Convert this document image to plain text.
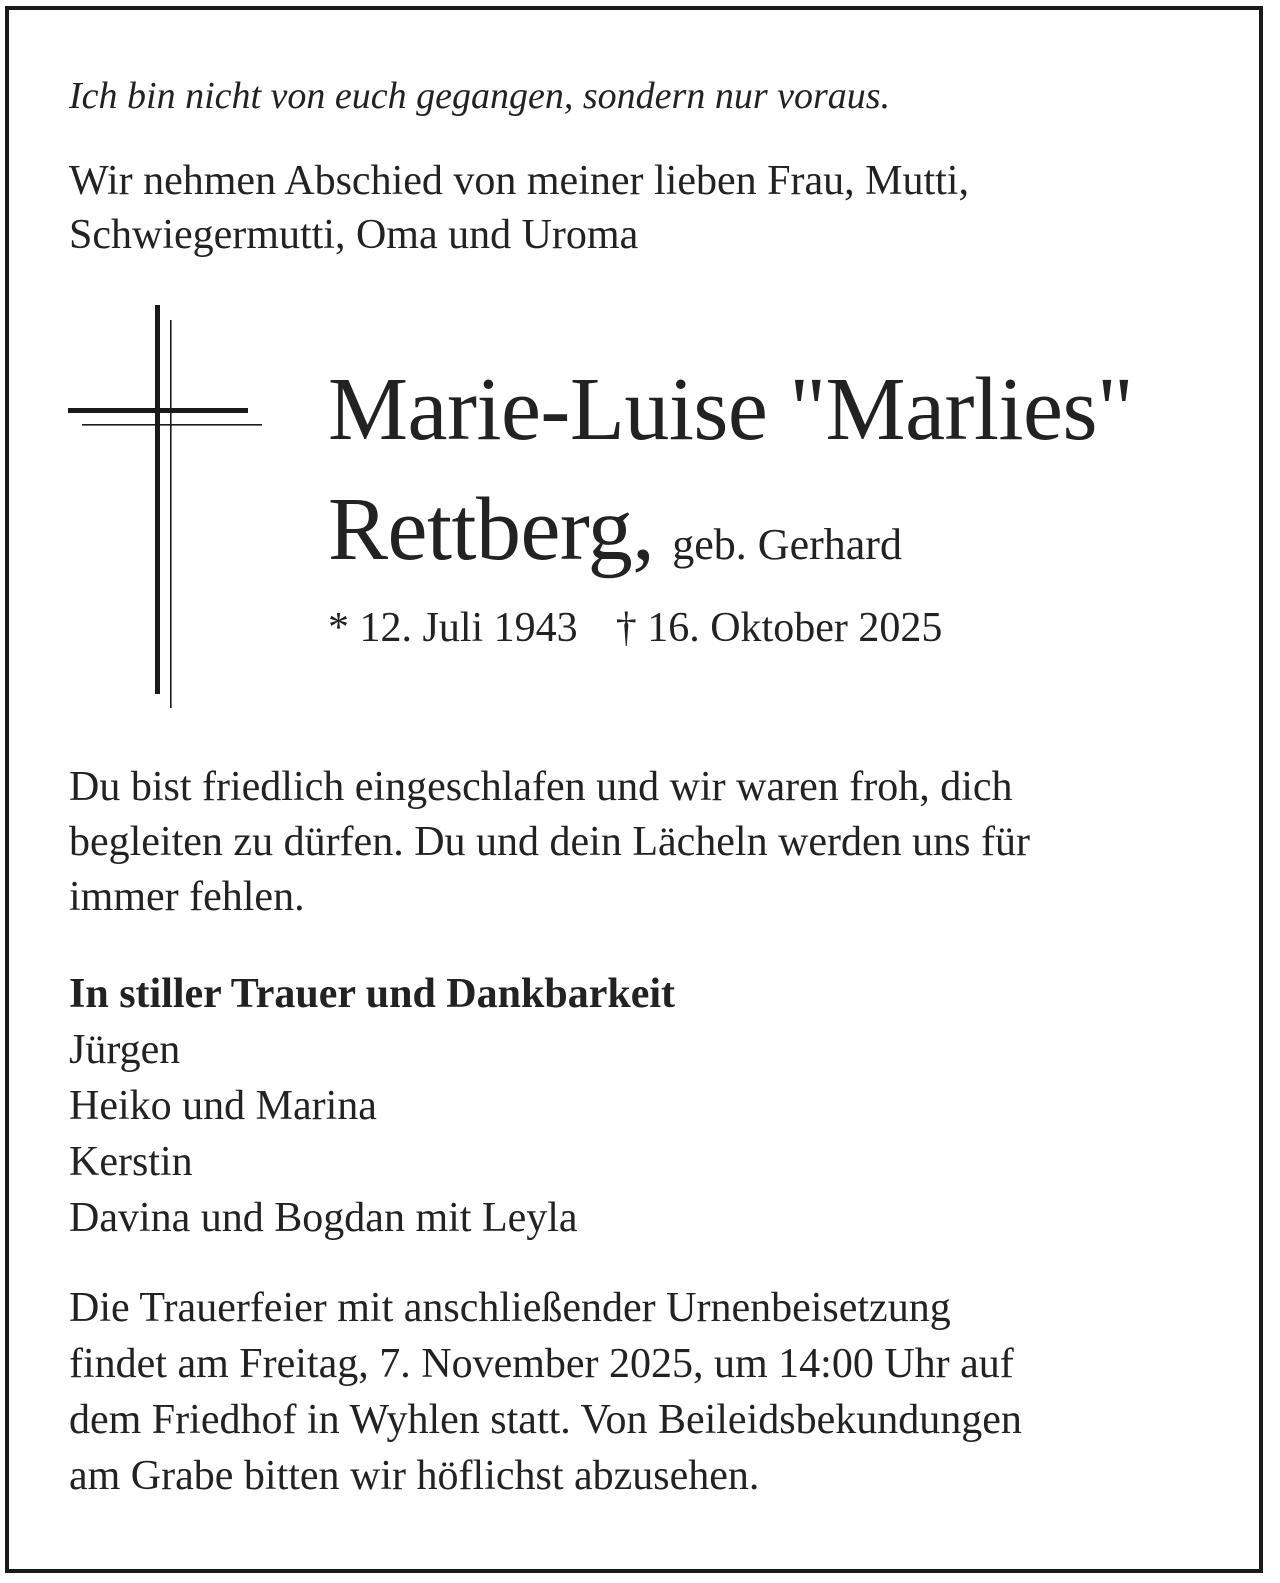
Ich bin nicht von euch gegangen, sondern nur voraus.

Wir nehmen Abschied von meiner lieben Frau, Mutti,
Schwiegermutti, Oma und Uroma
Marie-Luise "Marlies"
Rettberg, geb. Gerhard
* 12. Juli 1943 † 16. Oktober 2025
Du bist friedlich eingeschlafen und wir waren froh, dich
begleiten zu dürfen. Du und dein Lächeln werden uns für
immer fehlen.
In stiller Trauer und Dankbarkeit
Jürgen
Heiko und Marina
Kerstin
Davina und Bogdan mit Leyla
Die Trauerfeier mit anschließender Urnenbeisetzung
findet am Freitag, 7. November 2025, um 14:00 Uhr auf
dem Friedhof in Wyhlen statt. Von Beileidsbekundungen
am Grabe bitten wir höflichst abzusehen.
